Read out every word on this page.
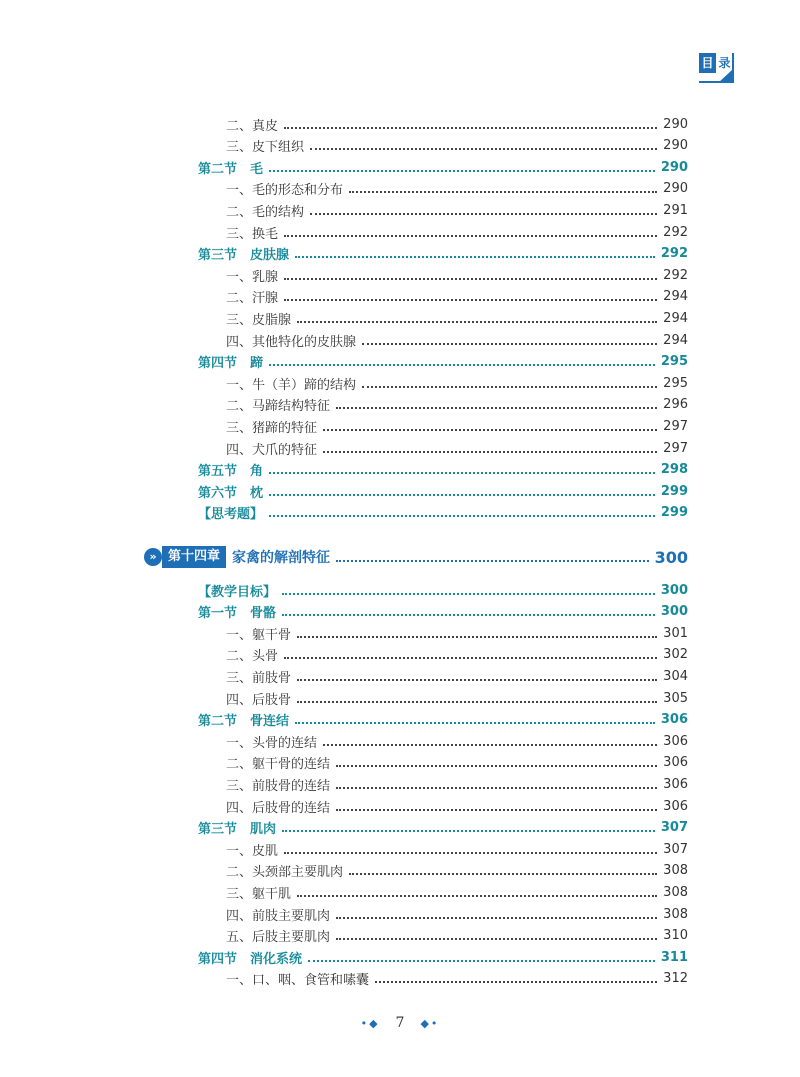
目 录
二、真皮	290
三、皮下组织	290
第二节　毛	290
一、毛的形态和分布	290
二、毛的结构	291
三、换毛	292
第三节　皮肤腺	292
一、乳腺	292
二、汗腺	294
三、皮脂腺	294
四、其他特化的皮肤腺	294
第四节　蹄	295
一、牛（羊）蹄的结构	295
二、马蹄结构特征	296
三、猪蹄的特征	297
四、犬爪的特征	297
第五节　角	298
第六节　枕	299
【思考题】	299
» 第十四章 家禽的解剖特征	300
【教学目标】	300
第一节　骨骼	300
一、躯干骨	301
二、头骨	302
三、前肢骨	304
四、后肢骨	305
第二节　骨连结	306
一、头骨的连结	306
二、躯干骨的连结	306
三、前肢骨的连结	306
四、后肢骨的连结	306
第三节　肌肉	307
一、皮肌	307
二、头颈部主要肌肉	308
三、躯干肌	308
四、前肢主要肌肉	308
五、后肢主要肌肉	310
第四节　消化系统	311
一、口、咽、食管和嗉囊	312
•◆ 7 ◆•
